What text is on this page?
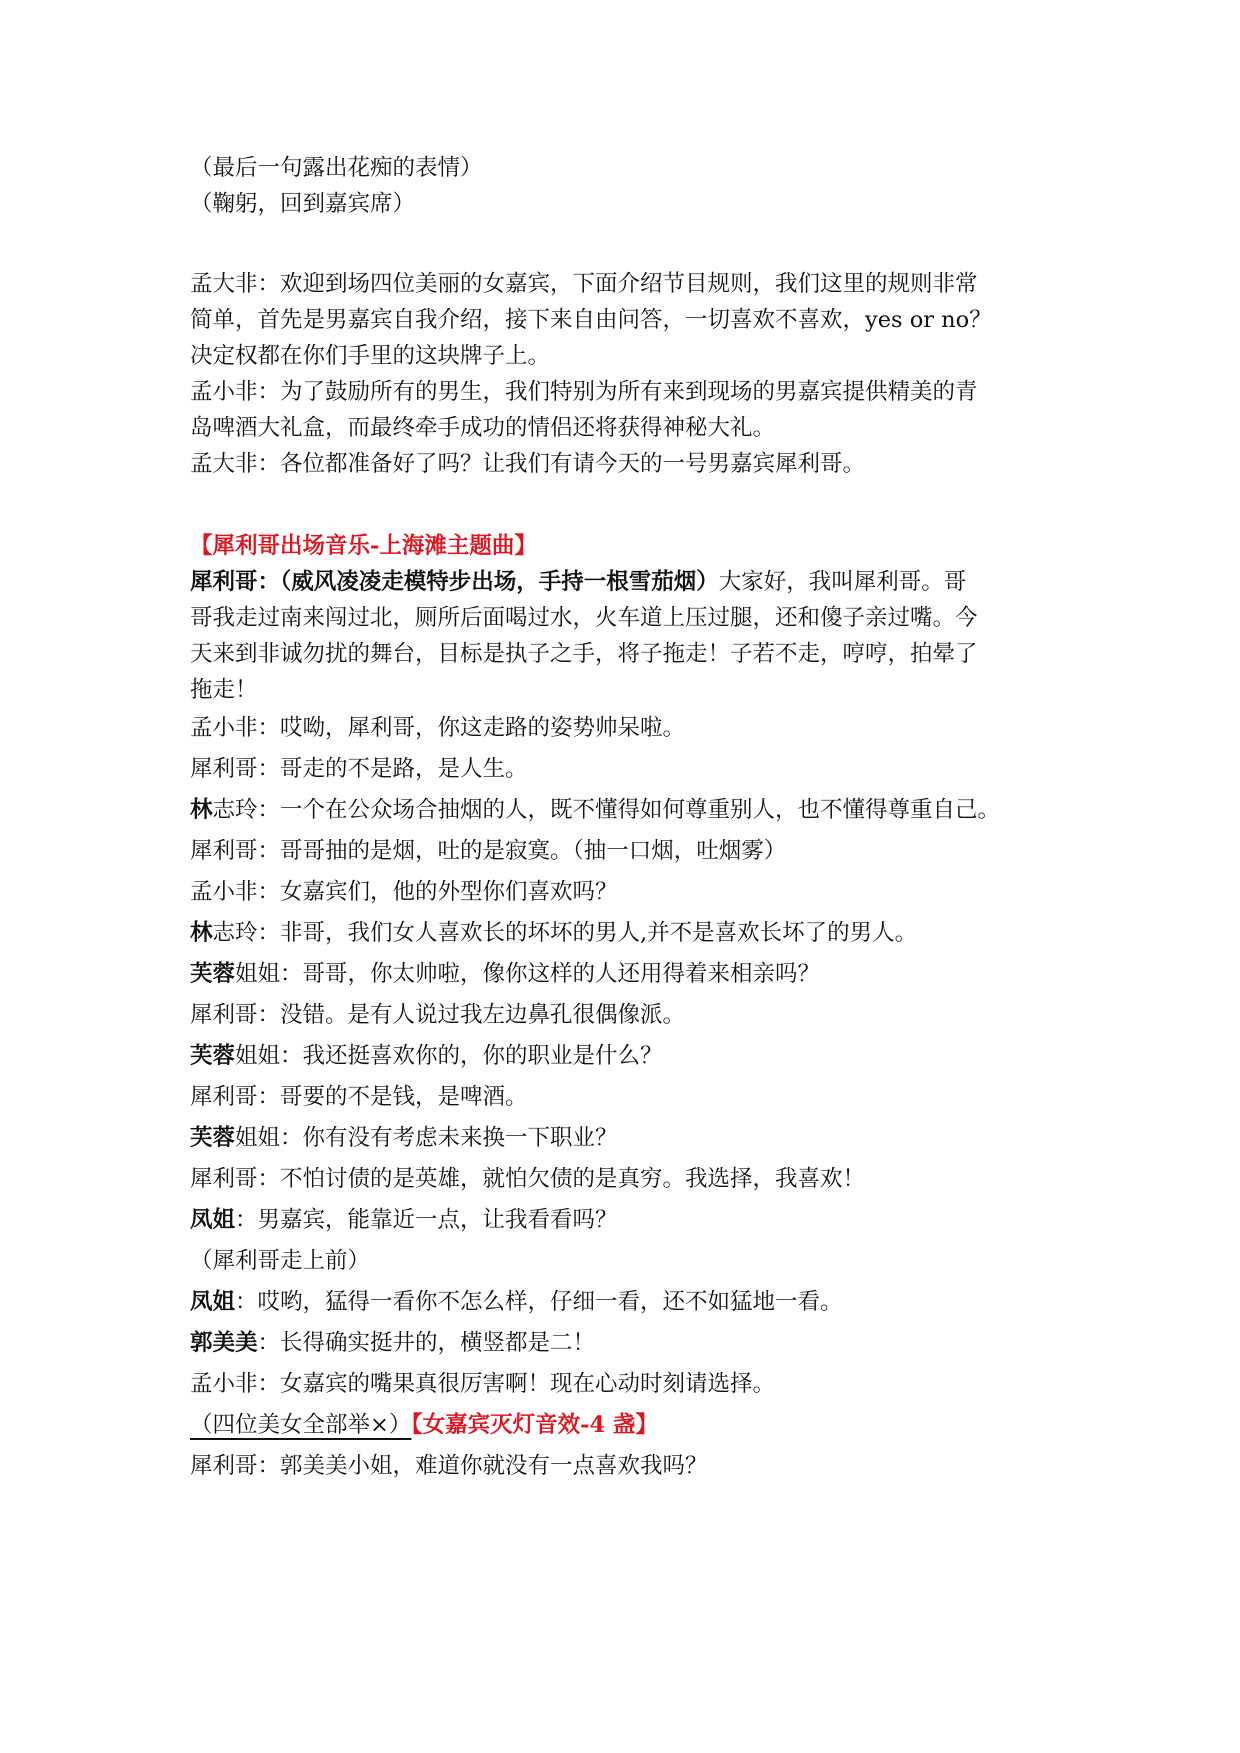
（最后一句露出花痴的表情）

（鞠躬，回到嘉宾席）

孟大非：欢迎到场四位美丽的女嘉宾，下面介绍节目规则，我们这里的规则非常

简单，首先是男嘉宾自我介绍，接下来自由问答，一切喜欢不喜欢，yes or no？

决定权都在你们手里的这块牌子上。

孟小非：为了鼓励所有的男生，我们特别为所有来到现场的男嘉宾提供精美的青

岛啤酒大礼盒，而最终牵手成功的情侣还将获得神秘大礼。

孟大非：各位都准备好了吗？让我们有请今天的一号男嘉宾犀利哥。

【犀利哥出场音乐-上海滩主题曲】

犀利哥：（威风凌凌走模特步出场，手持一根雪茄烟）大家好，我叫犀利哥。哥

哥我走过南来闯过北，厕所后面喝过水，火车道上压过腿，还和傻子亲过嘴。今

天来到非诚勿扰的舞台，目标是执子之手，将子拖走！子若不走，哼哼，拍晕了

拖走！

孟小非：哎呦，犀利哥，你这走路的姿势帅呆啦。

犀利哥：哥走的不是路，是人生。

林志玲：一个在公众场合抽烟的人，既不懂得如何尊重别人，也不懂得尊重自己。

犀利哥：哥哥抽的是烟，吐的是寂寞。（抽一口烟，吐烟雾）

孟小非：女嘉宾们，他的外型你们喜欢吗？

林志玲：非哥，我们女人喜欢长的坏坏的男人,并不是喜欢长坏了的男人。

芙蓉姐姐：哥哥，你太帅啦，像你这样的人还用得着来相亲吗？

犀利哥：没错。是有人说过我左边鼻孔很偶像派。

芙蓉姐姐：我还挺喜欢你的，你的职业是什么？

犀利哥：哥要的不是钱，是啤酒。

芙蓉姐姐：你有没有考虑未来换一下职业？

犀利哥：不怕讨债的是英雄，就怕欠债的是真穷。我选择，我喜欢！

凤姐：男嘉宾，能靠近一点，让我看看吗？

（犀利哥走上前）

凤姐：哎哟，猛得一看你不怎么样，仔细一看，还不如猛地一看。

郭美美：长得确实挺井的，横竖都是二！

孟小非：女嘉宾的嘴果真很厉害啊！现在心动时刻请选择。

（四位美女全部举×）【女嘉宾灭灯音效-4 盏】

犀利哥：郭美美小姐，难道你就没有一点喜欢我吗？
